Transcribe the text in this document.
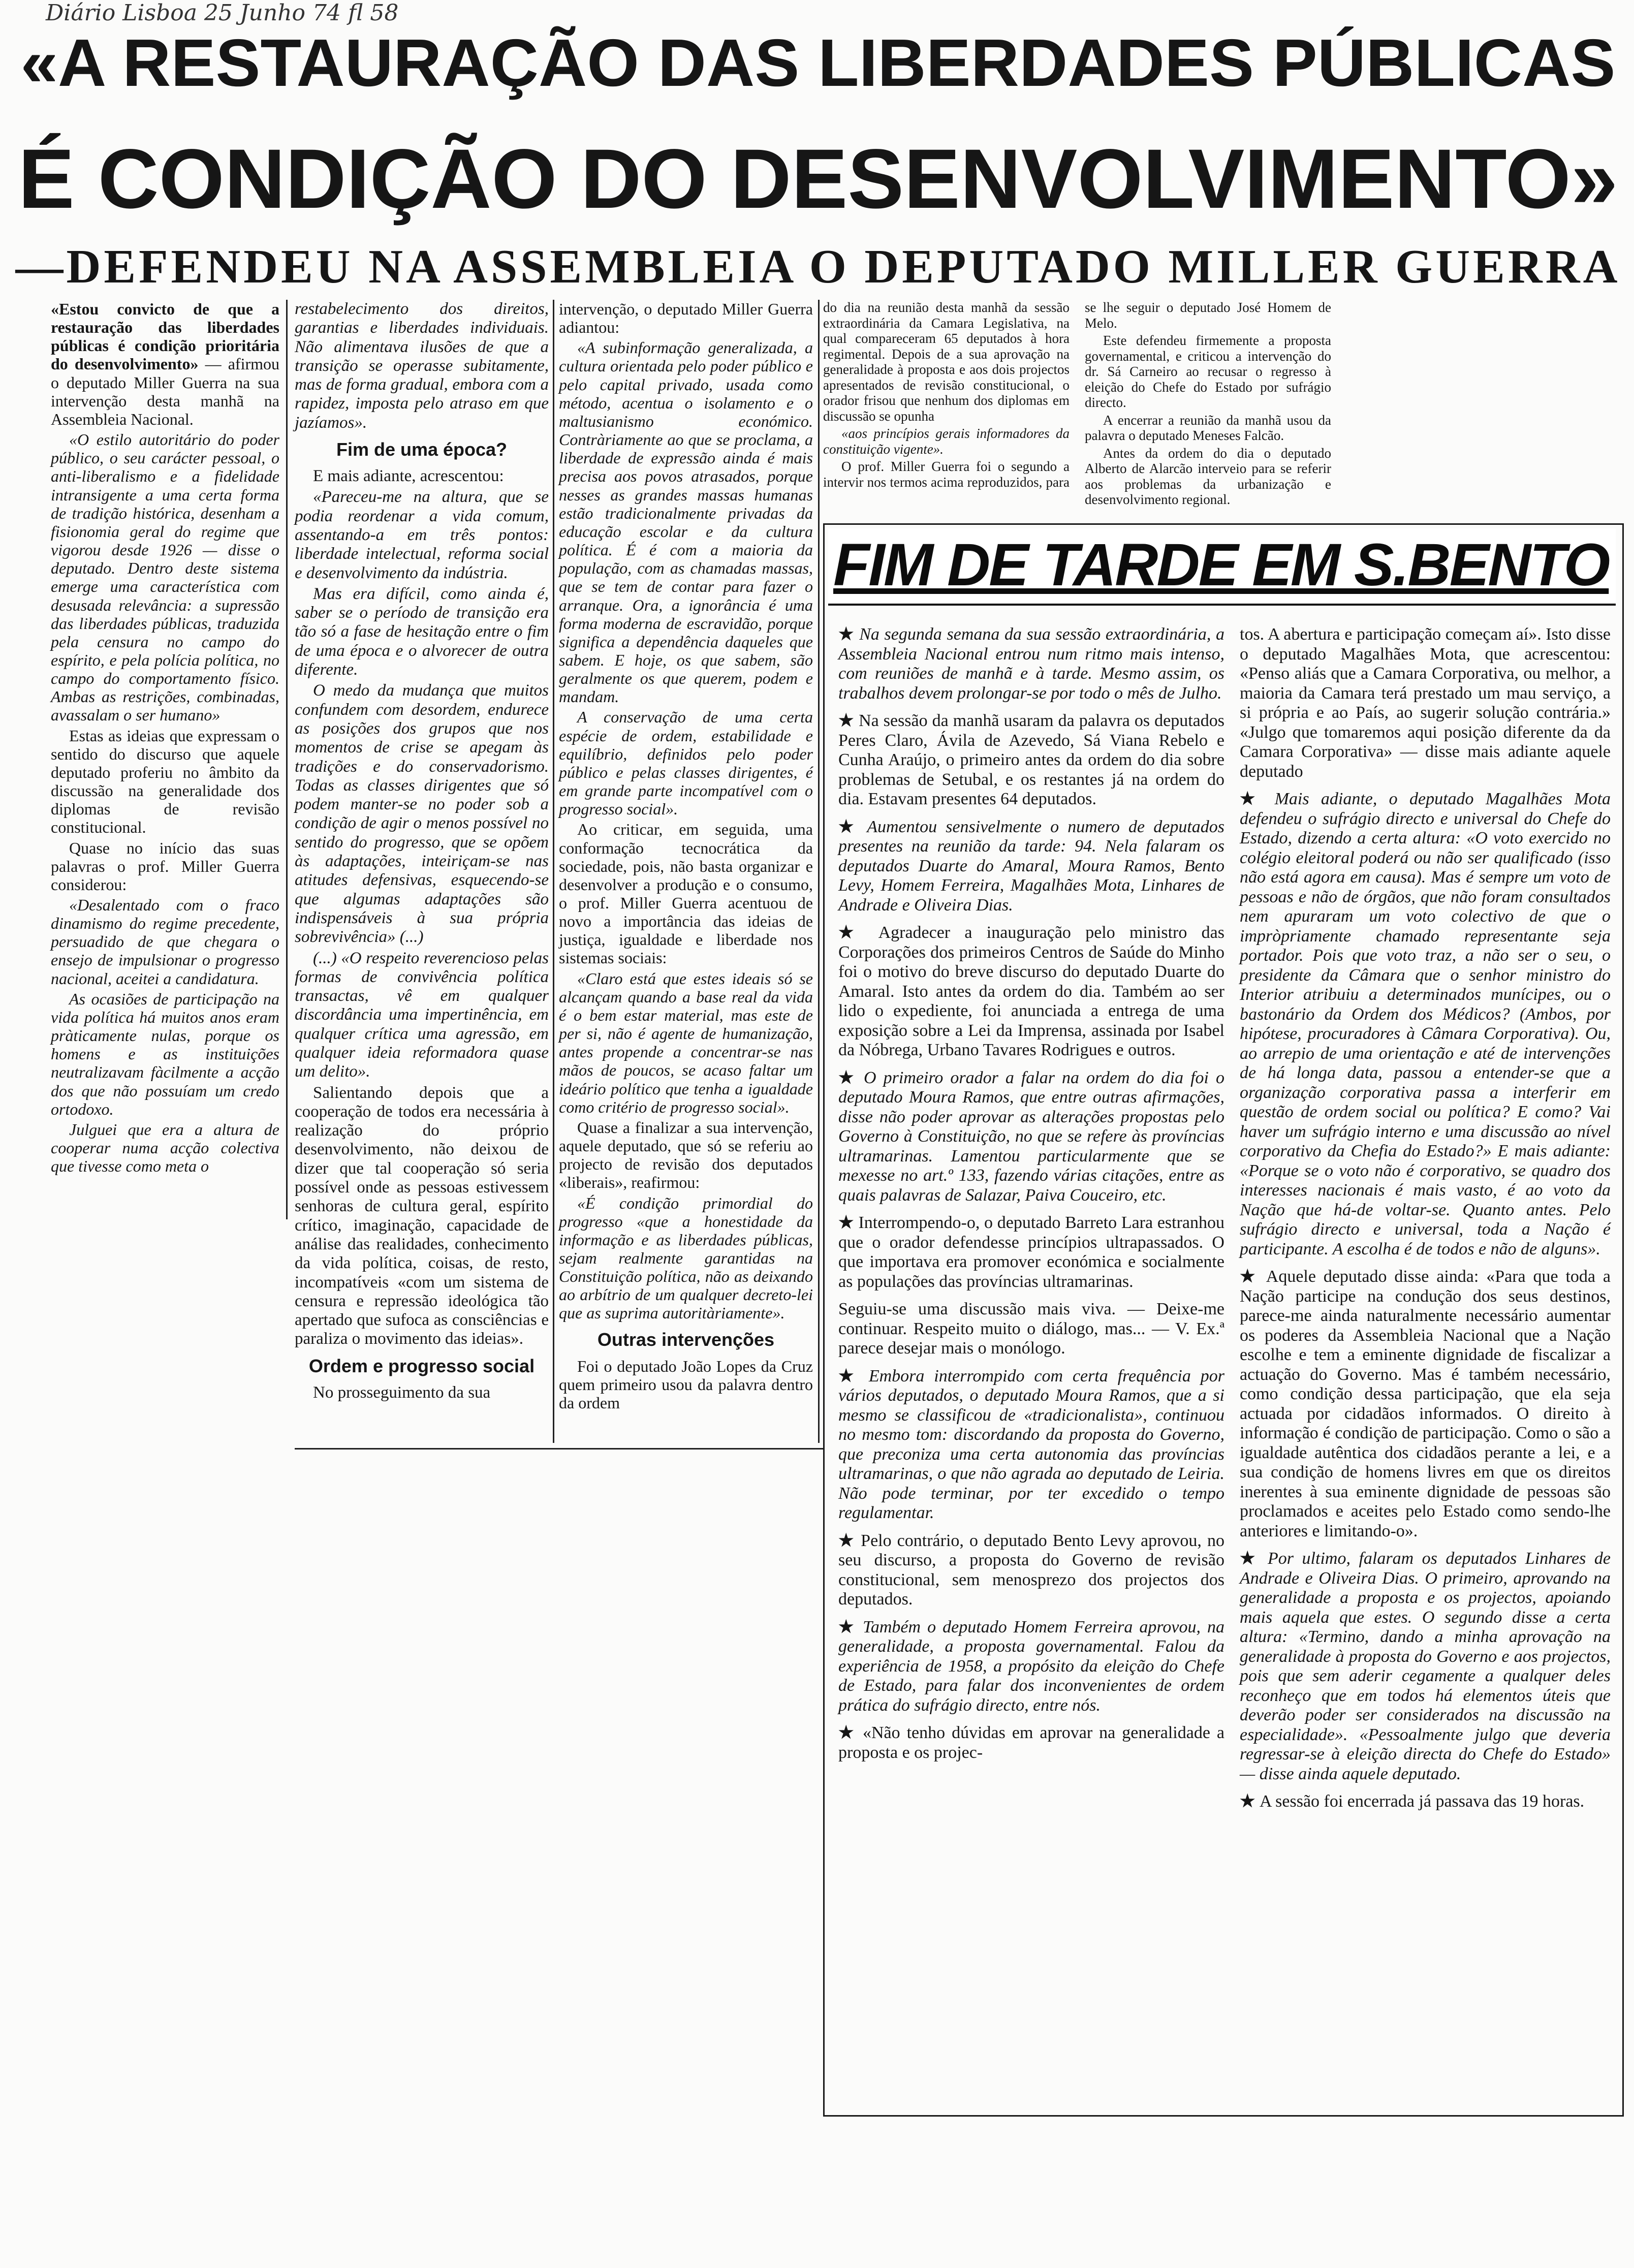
Diário Lisboa 25 Junho 74 fl 58
«A RESTAURAÇÃO DAS LIBERDADES PÚBLICAS
É CONDIÇÃO DO DESENVOLVIMENTO»
—DEFENDEU NA ASSEMBLEIA O DEPUTADO MILLER GUERRA

«Estou convicto de que a restauração das liberdades públicas é condição prioritária do desenvolvimento» — afirmou o deputado Miller Guerra na sua intervenção desta manhã na Assembleia Nacional.

«O estilo autoritário do poder público, o seu carácter pessoal, o anti-liberalismo e a fidelidade intransigente a uma certa forma de tradição histórica, desenham a fisionomia geral do regime que vigorou desde 1926 — disse o deputado. Dentro deste sistema emerge uma característica com desusada relevância: a supressão das liberdades públicas, traduzida pela censura no campo do espírito, e pela polícia política, no campo do comportamento físico. Ambas as restrições, combinadas, avassalam o ser humano»

Estas as ideias que expressam o sentido do discurso que aquele deputado proferiu no âmbito da discussão na generalidade dos diplomas de revisão constitucional.

Quase no início das suas palavras o prof. Miller Guerra considerou:

«Desalentado com o fraco dinamismo do regime precedente, persuadido de que chegara o ensejo de impulsionar o progresso nacional, aceitei a candidatura.

As ocasiões de participação na vida política há muitos anos eram pràticamente nulas, porque os homens e as instituições neutralizavam fàcilmente a acção dos que não possuíam um credo ortodoxo.

Julguei que era a altura de cooperar numa acção colectiva que tivesse como meta o

restabelecimento dos direitos, garantias e liberdades individuais. Não alimentava ilusões de que a transição se operasse subitamente, mas de forma gradual, embora com a rapidez, imposta pelo atraso em que jazíamos».

Fim de uma época?

E mais adiante, acrescentou:

«Pareceu-me na altura, que se podia reordenar a vida comum, assentando-a em três pontos: liberdade intelectual, reforma social e desenvolvimento da indústria.

Mas era difícil, como ainda é, saber se o período de transição era tão só a fase de hesitação entre o fim de uma época e o alvorecer de outra diferente.

O medo da mudança que muitos confundem com desordem, endurece as posições dos grupos que nos momentos de crise se apegam às tradições e do conservadorismo. Todas as classes dirigentes que só podem manter-se no poder sob a condição de agir o menos possível no sentido do progresso, que se opõem às adaptações, inteiriçam-se nas atitudes defensivas, esquecendo-se que algumas adaptações são indispensáveis à sua própria sobrevivência» (...)

(...) «O respeito reverencioso pelas formas de convivência política transactas, vê em qualquer discordância uma impertinência, em qualquer crítica uma agressão, em qualquer ideia reformadora quase um delito».

Salientando depois que a cooperação de todos era necessária à realização do próprio desenvolvimento, não deixou de dizer que tal cooperação só seria possível onde as pessoas estivessem senhoras de cultura geral, espírito crítico, imaginação, capacidade de análise das realidades, conhecimento da vida política, coisas, de resto, incompatíveis «com um sistema de censura e repressão ideológica tão apertado que sufoca as consciências e paraliza o movimento das ideias».

Ordem e progresso social

No prosseguimento da sua

intervenção, o deputado Miller Guerra adiantou:

«A subinformação generalizada, a cultura orientada pelo poder público e pelo capital privado, usada como método, acentua o isolamento e o maltusianismo económico. Contràriamente ao que se proclama, a liberdade de expressão ainda é mais precisa aos povos atrasados, porque nesses as grandes massas humanas estão tradicionalmente privadas da educação escolar e da cultura política. É é com a maioria da população, com as chamadas massas, que se tem de contar para fazer o arranque. Ora, a ignorância é uma forma moderna de escravidão, porque significa a dependência daqueles que sabem. E hoje, os que sabem, são geralmente os que querem, podem e mandam.

A conservação de uma certa espécie de ordem, estabilidade e equilíbrio, definidos pelo poder público e pelas classes dirigentes, é em grande parte incompatível com o progresso social».

Ao criticar, em seguida, uma conformação tecnocrática da sociedade, pois, não basta organizar e desenvolver a produção e o consumo, o prof. Miller Guerra acentuou de novo a importância das ideias de justiça, igualdade e liberdade nos sistemas sociais:

«Claro está que estes ideais só se alcançam quando a base real da vida é o bem estar material, mas este de per si, não é agente de humanização, antes propende a concentrar-se nas mãos de poucos, se acaso faltar um ideário político que tenha a igualdade como critério de progresso social».

Quase a finalizar a sua intervenção, aquele deputado, que só se referiu ao projecto de revisão dos deputados «liberais», reafirmou:

«É condição primordial do progresso «que a honestidade da informação e as liberdades públicas, sejam realmente garantidas na Constituição política, não as deixando ao arbítrio de um qualquer decreto-lei que as suprima autoritàriamente».

Outras intervenções

Foi o deputado João Lopes da Cruz quem primeiro usou da palavra dentro da ordem

do dia na reunião desta manhã da sessão extraordinária da Camara Legislativa, na qual compareceram 65 deputados à hora regimental. Depois de a sua aprovação na generalidade à proposta e aos dois projectos apresentados de revisão constitucional, o orador frisou que nenhum dos diplomas em discussão se opunha

«aos princípios gerais informadores da constituição vigente».

O prof. Miller Guerra foi o segundo a intervir nos termos acima reproduzidos, para se lhe seguir o deputado José Homem de Melo.

Este defendeu firmemente a proposta governamental, e criticou a intervenção do dr. Sá Carneiro ao recusar o regresso à eleição do Chefe do Estado por sufrágio directo.

A encerrar a reunião da manhã usou da palavra o deputado Meneses Falcão.

Antes da ordem do dia o deputado Alberto de Alarcão interveio para se referir aos problemas da urbanização e desenvolvimento regional.

FIM DE TARDE EM S.BENTO

★ Na segunda semana da sua sessão extraordinária, a Assembleia Nacional entrou num ritmo mais intenso, com reuniões de manhã e à tarde. Mesmo assim, os trabalhos devem prolongar-se por todo o mês de Julho.

★ Na sessão da manhã usaram da palavra os deputados Peres Claro, Ávila de Azevedo, Sá Viana Rebelo e Cunha Araújo, o primeiro antes da ordem do dia sobre problemas de Setubal, e os restantes já na ordem do dia. Estavam presentes 64 deputados.

★ Aumentou sensivelmente o numero de deputados presentes na reunião da tarde: 94. Nela falaram os deputados Duarte do Amaral, Moura Ramos, Bento Levy, Homem Ferreira, Magalhães Mota, Linhares de Andrade e Oliveira Dias.

★ Agradecer a inauguração pelo ministro das Corporações dos primeiros Centros de Saúde do Minho foi o motivo do breve discurso do deputado Duarte do Amaral. Isto antes da ordem do dia. Também ao ser lido o expediente, foi anunciada a entrega de uma exposição sobre a Lei da Imprensa, assinada por Isabel da Nóbrega, Urbano Tavares Rodrigues e outros.

★ O primeiro orador a falar na ordem do dia foi o deputado Moura Ramos, que entre outras afirmações, disse não poder aprovar as alterações propostas pelo Governo à Constituição, no que se refere às províncias ultramarinas. Lamentou particularmente que se mexesse no art.º 133, fazendo várias citações, entre as quais palavras de Salazar, Paiva Couceiro, etc.

★ Interrompendo-o, o deputado Barreto Lara estranhou que o orador defendesse princípios ultrapassados. O que importava era promover económica e socialmente as populações das províncias ultramarinas.

Seguiu-se uma discussão mais viva. — Deixe-me continuar. Respeito muito o diálogo, mas... — V. Ex.ª parece desejar mais o monólogo.

★ Embora interrompido com certa frequência por vários deputados, o deputado Moura Ramos, que a si mesmo se classificou de «tradicionalista», continuou no mesmo tom: discordando da proposta do Governo, que preconiza uma certa autonomia das províncias ultramarinas, o que não agrada ao deputado de Leiria. Não pode terminar, por ter excedido o tempo regulamentar.

★ Pelo contrário, o deputado Bento Levy aprovou, no seu discurso, a proposta do Governo de revisão constitucional, sem menosprezo dos projectos dos deputados.

★ Também o deputado Homem Ferreira aprovou, na generalidade, a proposta governamental. Falou da experiência de 1958, a propósito da eleição do Chefe de Estado, para falar dos inconvenientes de ordem prática do sufrágio directo, entre nós.

★ «Não tenho dúvidas em aprovar na generalidade a proposta e os projec-

tos. A abertura e participação começam aí». Isto disse o deputado Magalhães Mota, que acrescentou: «Penso aliás que a Camara Corporativa, ou melhor, a maioria da Camara terá prestado um mau serviço, a si própria e ao País, ao sugerir solução contrária.» «Julgo que tomaremos aqui posição diferente da da Camara Corporativa» — disse mais adiante aquele deputado

★ Mais adiante, o deputado Magalhães Mota defendeu o sufrágio directo e universal do Chefe do Estado, dizendo a certa altura: «O voto exercido no colégio eleitoral poderá ou não ser qualificado (isso não está agora em causa). Mas é sempre um voto de pessoas e não de órgãos, que não foram consultados nem apuraram um voto colectivo de que o impròpriamente chamado representante seja portador. Pois que voto traz, a não ser o seu, o presidente da Câmara que o senhor ministro do Interior atribuiu a determinados munícipes, ou o bastonário da Ordem dos Médicos? (Ambos, por hipótese, procuradores à Câmara Corporativa). Ou, ao arrepio de uma orientação e até de intervenções de há longa data, passou a entender-se que a organização corporativa passa a interferir em questão de ordem social ou política? E como? Vai haver um sufrágio interno e uma discussão ao nível corporativo da Chefia do Estado?» E mais adiante: «Porque se o voto não é corporativo, se quadro dos interesses nacionais é mais vasto, é ao voto da Nação que há-de voltar-se. Quanto antes. Pelo sufrágio directo e universal, toda a Nação é participante. A escolha é de todos e não de alguns».

★ Aquele deputado disse ainda: «Para que toda a Nação participe na condução dos seus destinos, parece-me ainda naturalmente necessário aumentar os poderes da Assembleia Nacional que a Nação escolhe e tem a eminente dignidade de fiscalizar a actuação do Governo. Mas é também necessário, como condição dessa participação, que ela seja actuada por cidadãos informados. O direito à informação é condição de participação. Como o são a igualdade autêntica dos cidadãos perante a lei, e a sua condição de homens livres em que os direitos inerentes à sua eminente dignidade de pessoas são proclamados e aceites pelo Estado como sendo-lhe anteriores e limitando-o».

★ Por ultimo, falaram os deputados Linhares de Andrade e Oliveira Dias. O primeiro, aprovando na generalidade a proposta e os projectos, apoiando mais aquela que estes. O segundo disse a certa altura: «Termino, dando a minha aprovação na generalidade à proposta do Governo e aos projectos, pois que sem aderir cegamente a qualquer deles reconheço que em todos há elementos úteis que deverão poder ser considerados na discussão na especialidade». «Pessoalmente julgo que deveria regressar-se à eleição directa do Chefe do Estado» — disse ainda aquele deputado.

★ A sessão foi encerrada já passava das 19 horas.
